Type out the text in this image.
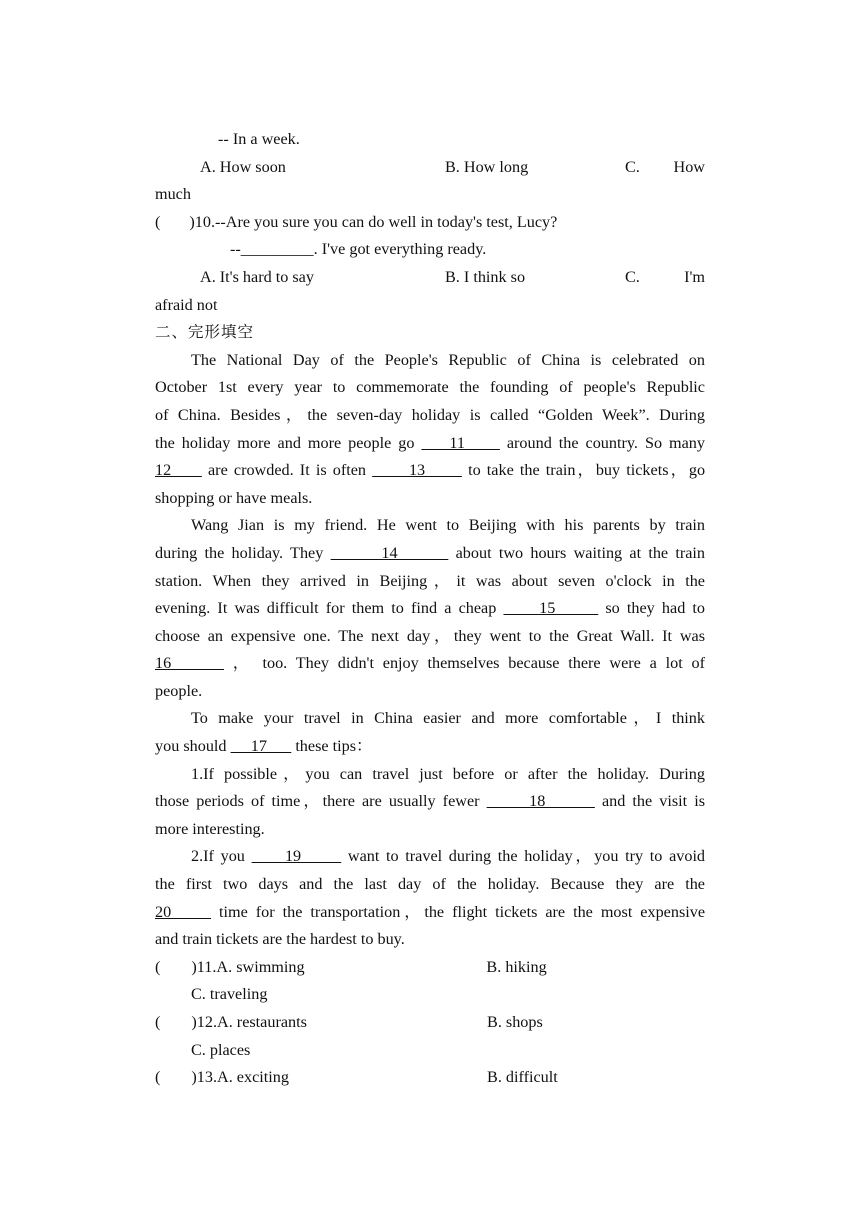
-- In a week.
A. How soon	B. How long	C.	How
much
( )10.--Are you sure you can do well in today's test, Lucy?
--_________. I've got everything ready.
A. It's hard to say	B. I think so	C.	I'm
afraid not
二、完形填空
The National Day of the People's Republic of China is celebrated on
October 1st every year to commemorate the founding of people's Republic
of China. Besides，the seven-day holiday is called “Golden Week”. During
the holiday more and more people go     11      around the country. So many
12      are crowded. It is often       13       to take the train，buy tickets，go
shopping or have meals.
Wang Jian is my friend. He went to Beijing with his parents by train
during the holiday. They        14        about two hours waiting at the train
station. When they arrived in Beijing，it was about seven o'clock in the
evening. It was difficult for them to find a cheap      15       so they had to
choose an expensive one. The next day，they went to the Great Wall. It was
16       ， too. They didn't enjoy themselves because there were a lot of
people.
To make your travel in China easier and more comfortable，I think
you should      17       these tips：
1.If possible，you can travel just before or after the holiday. During
those periods of time，there are usually fewer       18        and the visit is
more interesting.
2.If you      19       want to travel during the holiday，you try to avoid
the first two days and the last day of the holiday. Because they are the
20      time for the transportation，the flight tickets are the most expensive
and train tickets are the hardest to buy.
( ) 11. A. swimming	B. hiking
C. traveling
( ) 12. A. restaurants	B. shops
C. places
( ) 13. A. exciting	B. difficult
